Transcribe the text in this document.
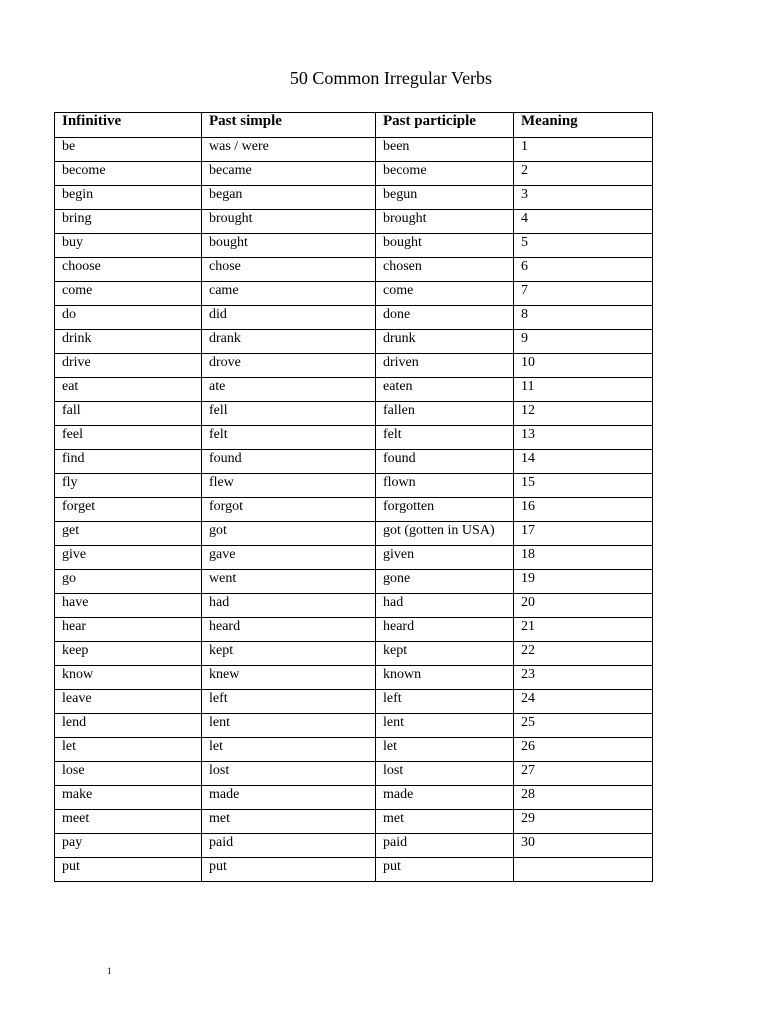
50 Common Irregular Verbs
Infinitive	Past simple	Past participle	Meaning
be	was / were	been	1
become	became	become	2
begin	began	begun	3
bring	brought	brought	4
buy	bought	bought	5
choose	chose	chosen	6
come	came	come	7
do	did	done	8
drink	drank	drunk	9
drive	drove	driven	10
eat	ate	eaten	11
fall	fell	fallen	12
feel	felt	felt	13
find	found	found	14
fly	flew	flown	15
forget	forgot	forgotten	16
get	got	got (gotten in USA)	17
give	gave	given	18
go	went	gone	19
have	had	had	20
hear	heard	heard	21
keep	kept	kept	22
know	knew	known	23
leave	left	left	24
lend	lent	lent	25
let	let	let	26
lose	lost	lost	27
make	made	made	28
meet	met	met	29
pay	paid	paid	30
put	put	put	
1
